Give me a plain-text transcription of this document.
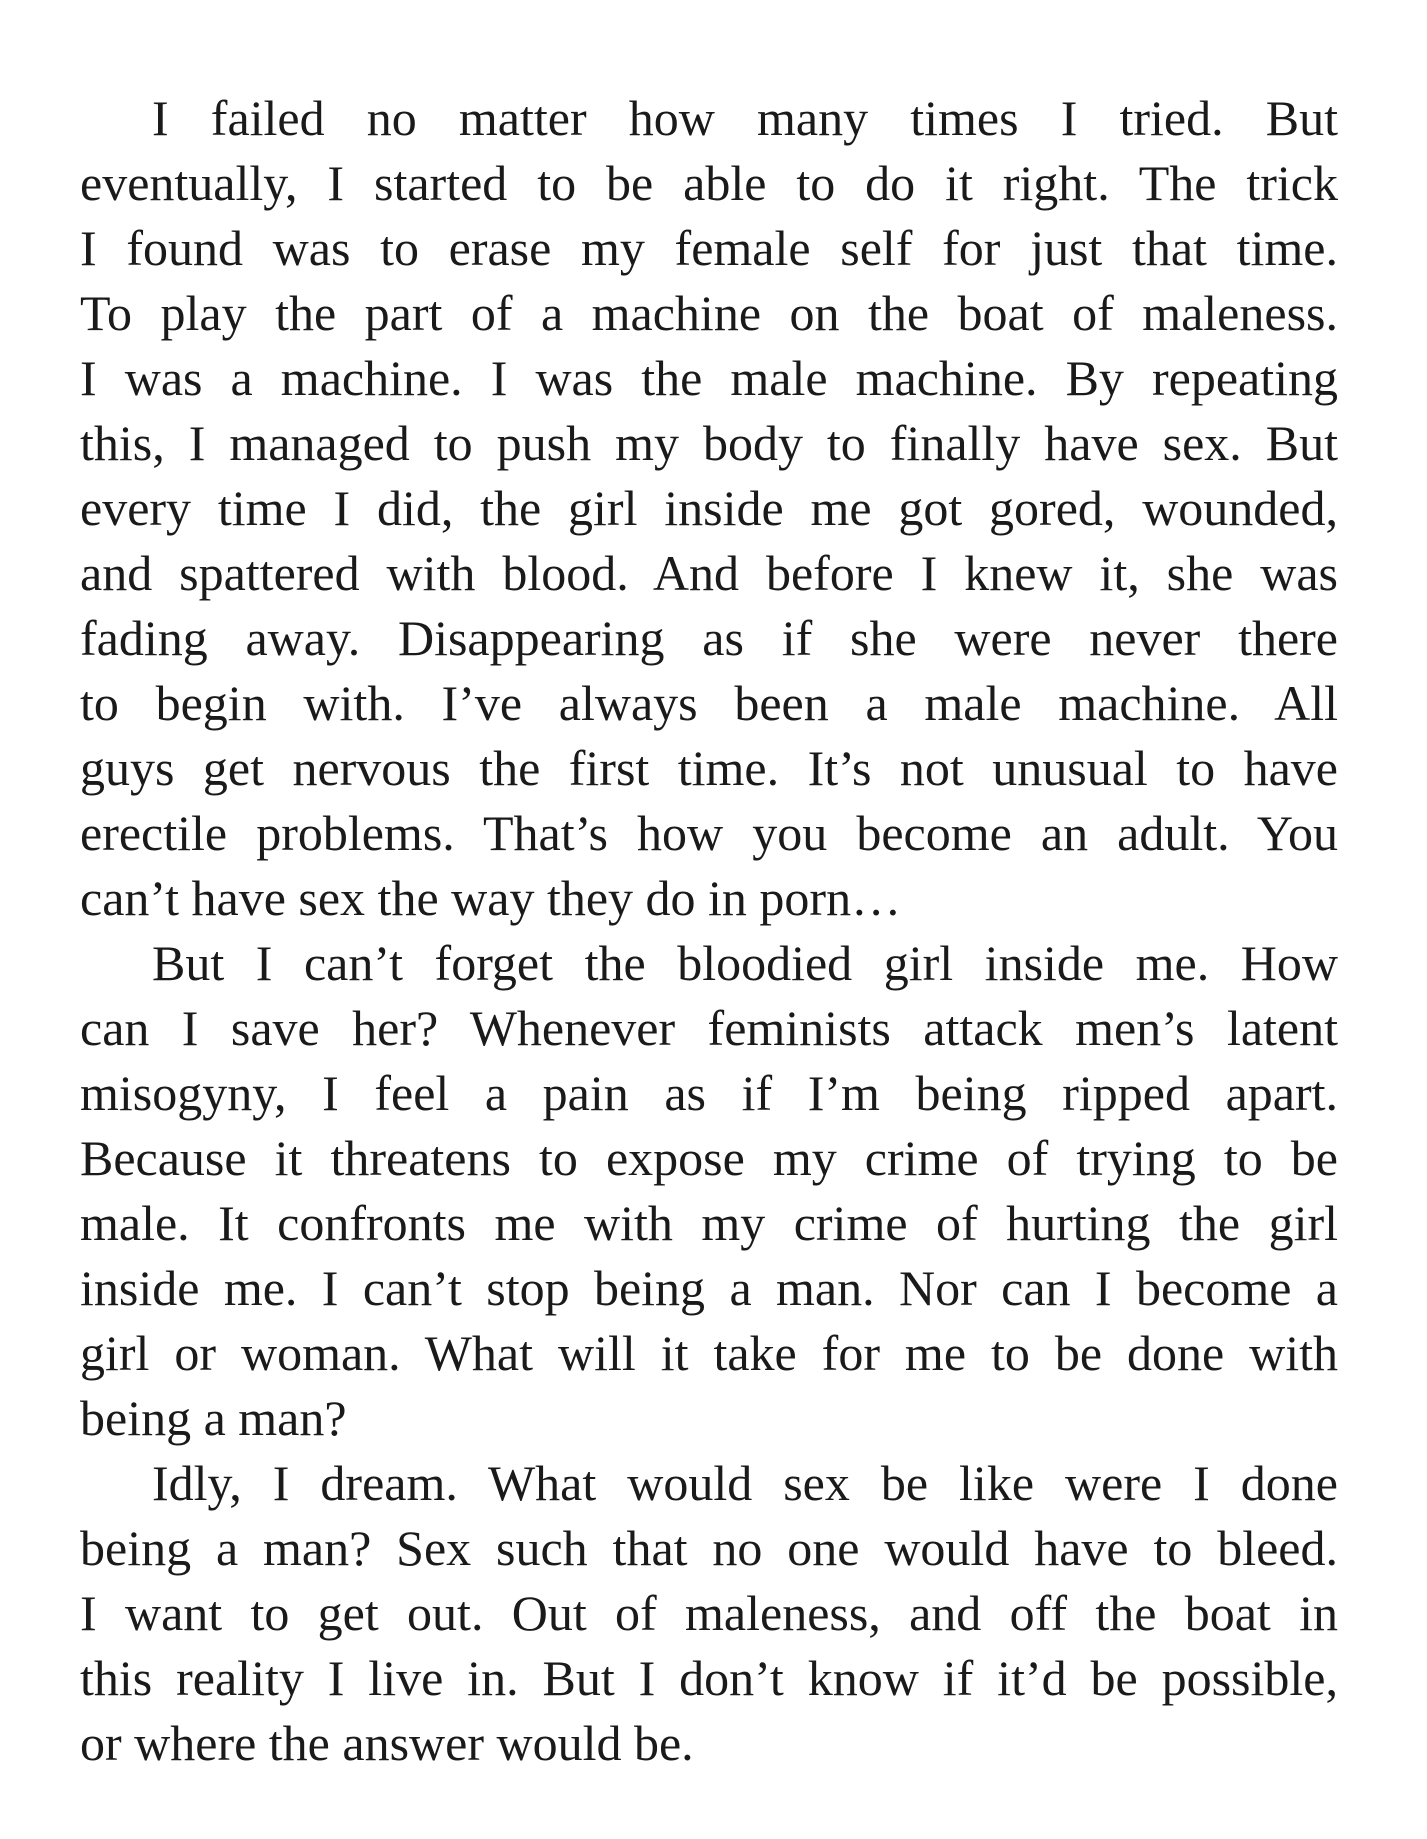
I failed no matter how many times I tried. But
eventually, I started to be able to do it right. The trick
I found was to erase my female self for just that time.
To play the part of a machine on the boat of maleness.
I was a machine. I was the male machine. By repeating
this, I managed to push my body to finally have sex. But
every time I did, the girl inside me got gored, wounded,
and spattered with blood. And before I knew it, she was
fading away. Disappearing as if she were never there
to begin with. I’ve always been a male machine. All
guys get nervous the first time. It’s not unusual to have
erectile problems. That’s how you become an adult. You
can’t have sex the way they do in porn…
But I can’t forget the bloodied girl inside me. How
can I save her? Whenever feminists attack men’s latent
misogyny, I feel a pain as if I’m being ripped apart.
Because it threatens to expose my crime of trying to be
male. It confronts me with my crime of hurting the girl
inside me. I can’t stop being a man. Nor can I become a
girl or woman. What will it take for me to be done with
being a man?
Idly, I dream. What would sex be like were I done
being a man? Sex such that no one would have to bleed.
I want to get out. Out of maleness, and off the boat in
this reality I live in. But I don’t know if it’d be possible,
or where the answer would be.
